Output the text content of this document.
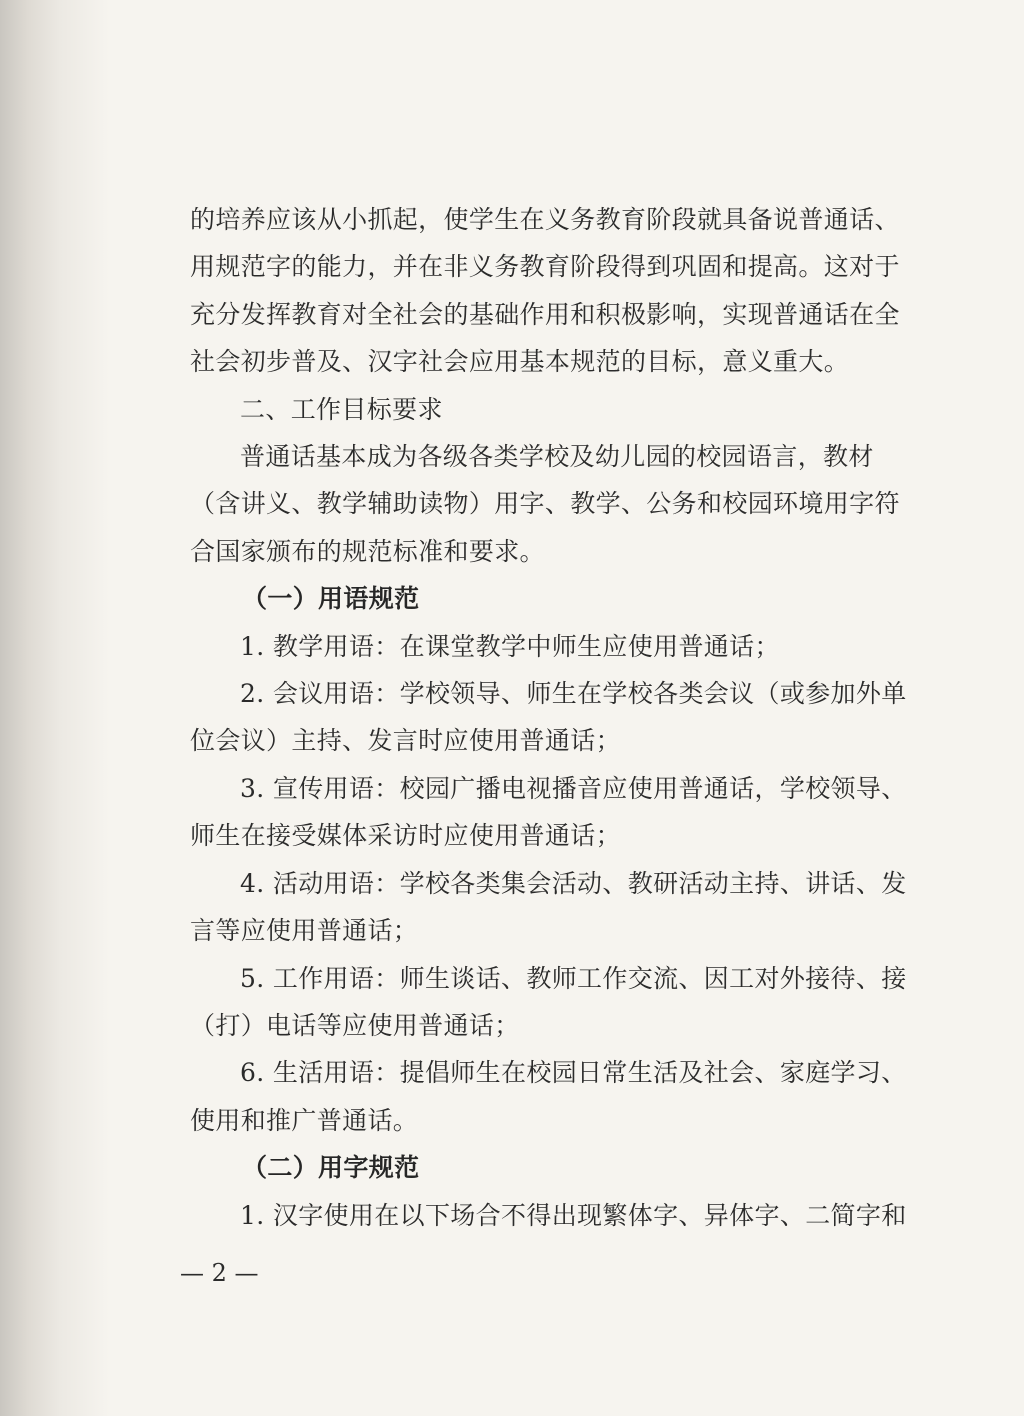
的培养应该从小抓起，使学生在义务教育阶段就具备说普通话、
用规范字的能力，并在非义务教育阶段得到巩固和提高。这对于
充分发挥教育对全社会的基础作用和积极影响，实现普通话在全
社会初步普及、汉字社会应用基本规范的目标，意义重大。
二、工作目标要求
普通话基本成为各级各类学校及幼儿园的校园语言，教材
（含讲义、教学辅助读物）用字、教学、公务和校园环境用字符
合国家颁布的规范标准和要求。
（一）用语规范
1. 教学用语：在课堂教学中师生应使用普通话；
2. 会议用语：学校领导、师生在学校各类会议（或参加外单
位会议）主持、发言时应使用普通话；
3. 宣传用语：校园广播电视播音应使用普通话，学校领导、
师生在接受媒体采访时应使用普通话；
4. 活动用语：学校各类集会活动、教研活动主持、讲话、发
言等应使用普通话；
5. 工作用语：师生谈话、教师工作交流、因工对外接待、接
（打）电话等应使用普通话；
6. 生活用语：提倡师生在校园日常生活及社会、家庭学习、
使用和推广普通话。
（二）用字规范
1. 汉字使用在以下场合不得出现繁体字、异体字、二简字和
— 2 —
